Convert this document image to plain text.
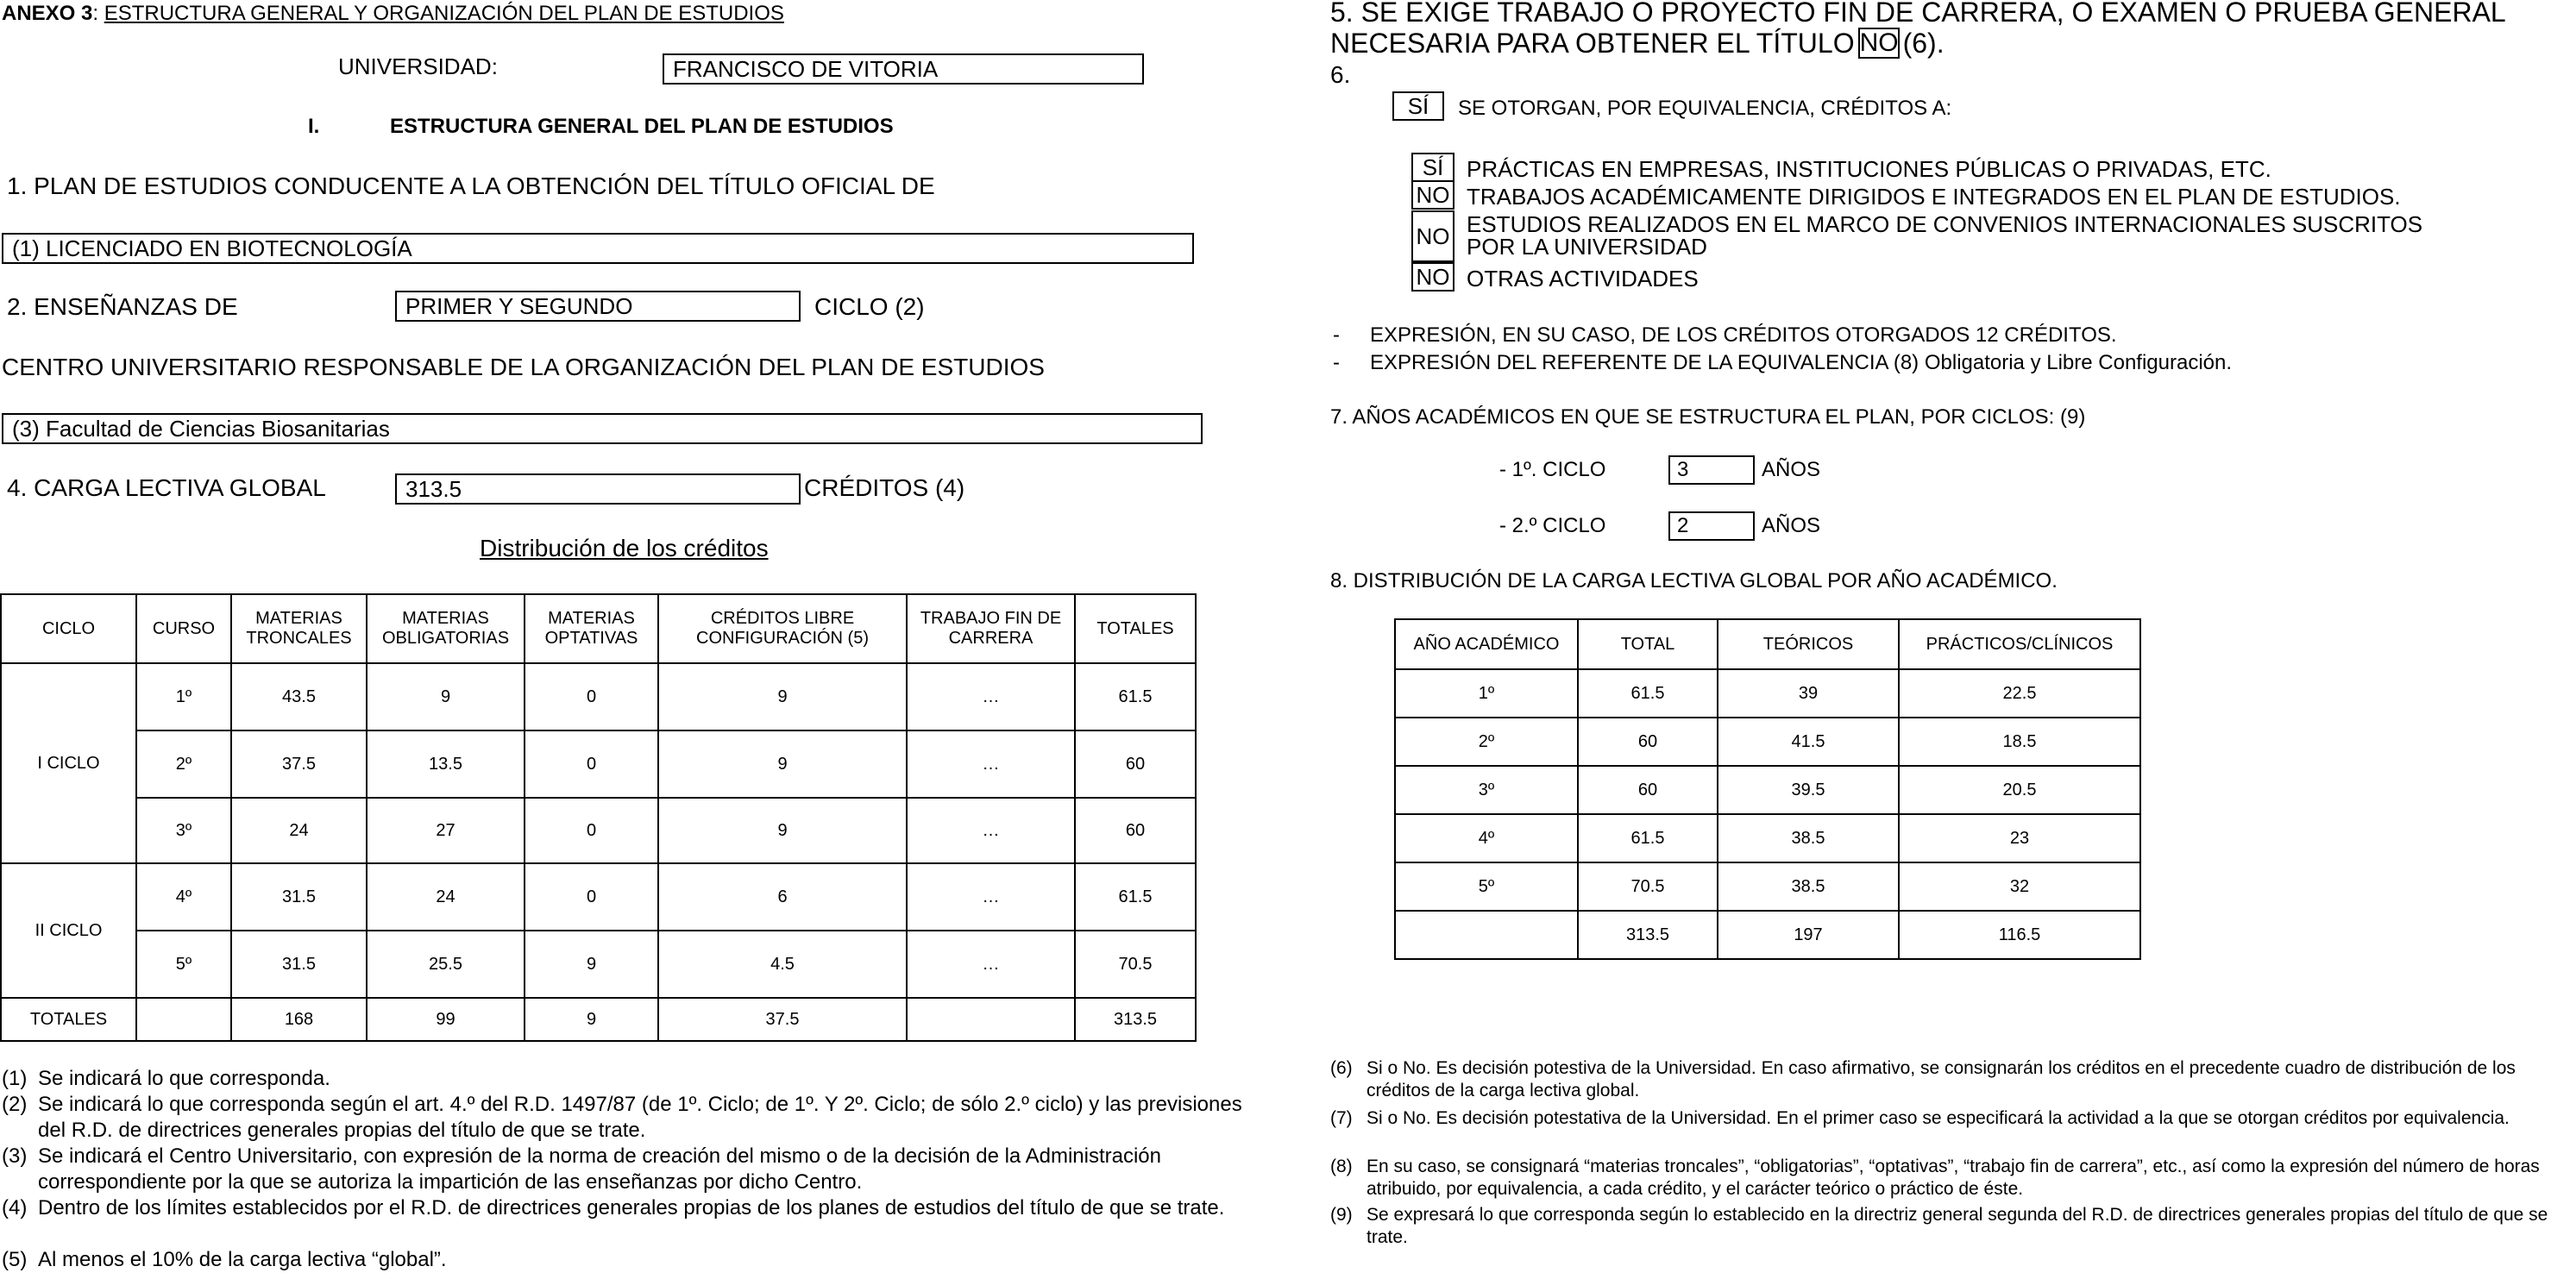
ANEXO 3: ESTRUCTURA GENERAL Y ORGANIZACIÓN DEL PLAN DE ESTUDIOS
UNIVERSIDAD:	FRANCISCO DE VITORIA
I.	ESTRUCTURA GENERAL DEL PLAN DE ESTUDIOS
1. PLAN DE ESTUDIOS CONDUCENTE A LA OBTENCIÓN DEL TÍTULO OFICIAL DE
(1) LICENCIADO EN BIOTECNOLOGÍA
2. ENSEÑANZAS DE	PRIMER Y SEGUNDO	CICLO (2)
CENTRO UNIVERSITARIO RESPONSABLE DE LA ORGANIZACIÓN DEL PLAN DE ESTUDIOS
(3) Facultad de Ciencias Biosanitarias
4. CARGA LECTIVA GLOBAL	313.5	CRÉDITOS (4)
Distribución de los créditos
CICLO	CURSO	MATERIAS TRONCALES	MATERIAS OBLIGATORIAS	MATERIAS OPTATIVAS	CRÉDITOS LIBRE CONFIGURACIÓN (5)	TRABAJO FIN DE CARRERA	TOTALES
I CICLO	1º	43.5	9	0	9	…	61.5
	2º	37.5	13.5	0	9	…	60
	3º	24	27	0	9	…	60
II CICLO	4º	31.5	24	0	6	…	61.5
	5º	31.5	25.5	9	4.5	…	70.5
TOTALES		168	99	9	37.5		313.5
(1) Se indicará lo que corresponda.
(2) Se indicará lo que corresponda según el art. 4.º del R.D. 1497/87 (de 1º. Ciclo; de 1º. Y 2º. Ciclo; de sólo 2.º ciclo) y las previsiones del R.D. de directrices generales propias del título de que se trate.
(3) Se indicará el Centro Universitario, con expresión de la norma de creación del mismo o de la decisión de la Administración correspondiente por la que se autoriza la impartición de las enseñanzas por dicho Centro.
(4) Dentro de los límites establecidos por el R.D. de directrices generales propias de los planes de estudios del título de que se trate.
(5) Al menos el 10% de la carga lectiva “global”.
5. SE EXIGE TRABAJO O PROYECTO FIN DE CARRERA, O EXAMEN O PRUEBA GENERAL
NECESARIA PARA OBTENER EL TÍTULO NO (6).
6.
SÍ	SE OTORGAN, POR EQUIVALENCIA, CRÉDITOS A:
SÍ	PRÁCTICAS EN EMPRESAS, INSTITUCIONES PÚBLICAS O PRIVADAS, ETC.
NO TRABAJOS ACADÉMICAMENTE DIRIGIDOS E INTEGRADOS EN EL PLAN DE ESTUDIOS.
NO ESTUDIOS REALIZADOS EN EL MARCO DE CONVENIOS INTERNACIONALES SUSCRITOS
POR LA UNIVERSIDAD
NO OTRAS ACTIVIDADES
- EXPRESIÓN, EN SU CASO, DE LOS CRÉDITOS OTORGADOS 12 CRÉDITOS.
- EXPRESIÓN DEL REFERENTE DE LA EQUIVALENCIA (8) Obligatoria y Libre Configuración.
7. AÑOS ACADÉMICOS EN QUE SE ESTRUCTURA EL PLAN, POR CICLOS: (9)
- 1º. CICLO	3	AÑOS
- 2.º CICLO	2	AÑOS
8. DISTRIBUCIÓN DE LA CARGA LECTIVA GLOBAL POR AÑO ACADÉMICO.
AÑO ACADÉMICO	TOTAL	TEÓRICOS	PRÁCTICOS/CLÍNICOS
1º	61.5	39	22.5
2º	60	41.5	18.5
3º	60	39.5	20.5
4º	61.5	38.5	23
5º	70.5	38.5	32
	313.5	197	116.5
(6) Si o No. Es decisión potestiva de la Universidad. En caso afirmativo, se consignarán los créditos en el precedente cuadro de distribución de los créditos de la carga lectiva global.
(7) Si o No. Es decisión potestativa de la Universidad. En el primer caso se especificará la actividad a la que se otorgan créditos por equivalencia.
(8) En su caso, se consignará “materias troncales”, “obligatorias”, “optativas”, “trabajo fin de carrera”, etc., así como la expresión del número de horas atribuido, por equivalencia, a cada crédito, y el carácter teórico o práctico de éste.
(9) Se expresará lo que corresponda según lo establecido en la directriz general segunda del R.D. de directrices generales propias del título de que se trate.
